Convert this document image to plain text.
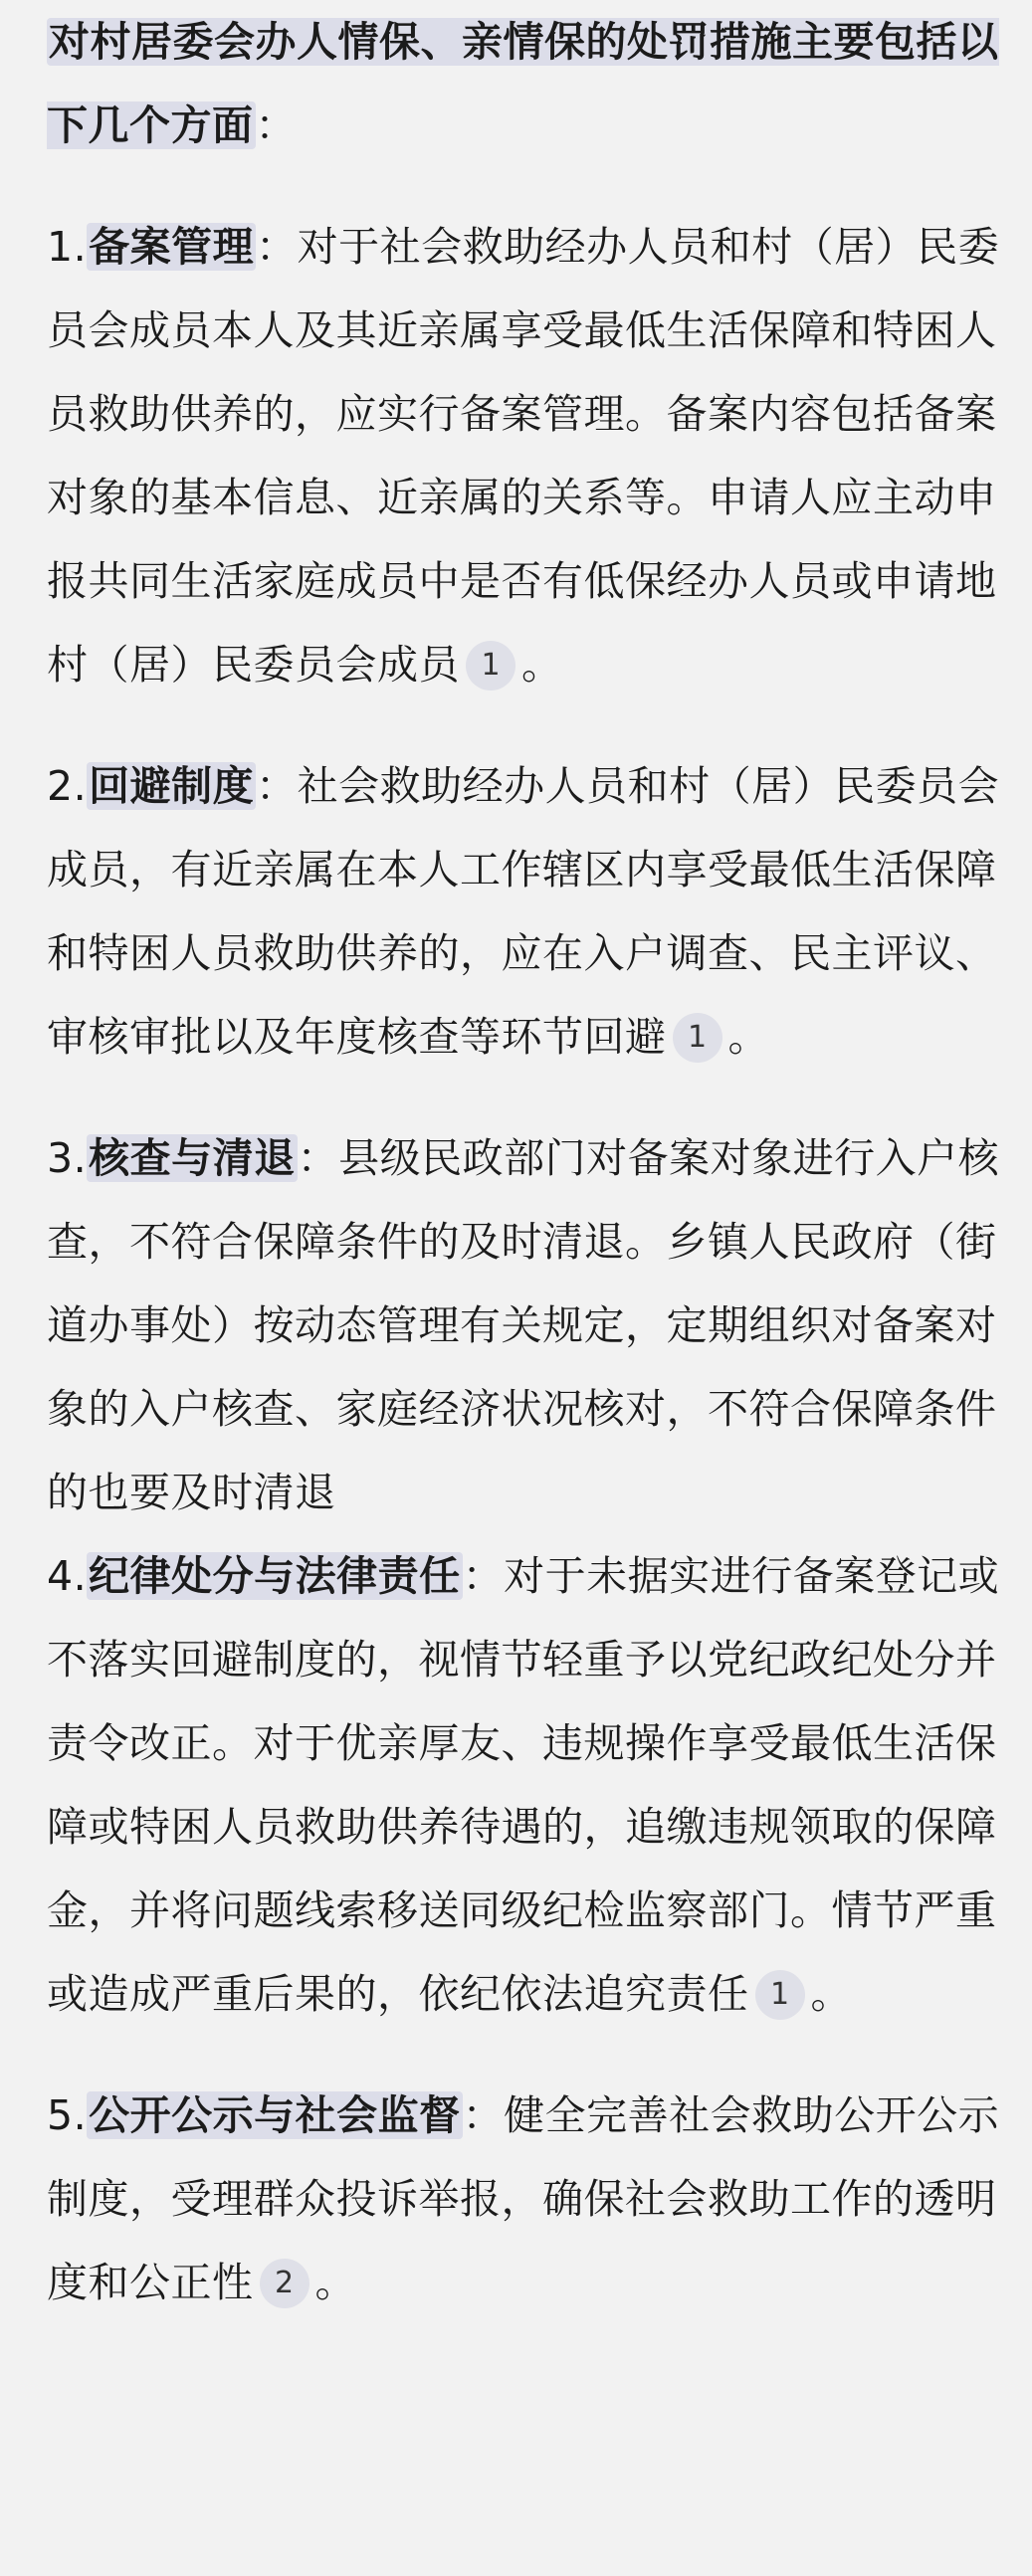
对村居委会办人情保、亲情保的处罚措施主要包括以下几个方面：

1.备案管理：对于社会救助经办人员和村（居）民委员会成员本人及其近亲属享受最低生活保障和特困人员救助供养的，应实行备案管理。备案内容包括备案对象的基本信息、近亲属的关系等。申请人应主动申报共同生活家庭成员中是否有低保经办人员或申请地村（居）民委员会成员 1 。

2.回避制度：社会救助经办人员和村（居）民委员会成员，有近亲属在本人工作辖区内享受最低生活保障和特困人员救助供养的，应在入户调查、民主评议、审核审批以及年度核查等环节回避 1 。

3.核查与清退：县级民政部门对备案对象进行入户核查，不符合保障条件的及时清退。乡镇人民政府（街道办事处）按动态管理有关规定，定期组织对备案对象的入户核查、家庭经济状况核对，不符合保障条件的也要及时清退

4.纪律处分与法律责任：对于未据实进行备案登记或不落实回避制度的，视情节轻重予以党纪政纪处分并责令改正。对于优亲厚友、违规操作享受最低生活保障或特困人员救助供养待遇的，追缴违规领取的保障金，并将问题线索移送同级纪检监察部门。情节严重或造成严重后果的，依纪依法追究责任 1 。

5.公开公示与社会监督：健全完善社会救助公开公示制度，受理群众投诉举报，确保社会救助工作的透明度和公正性 2 。
